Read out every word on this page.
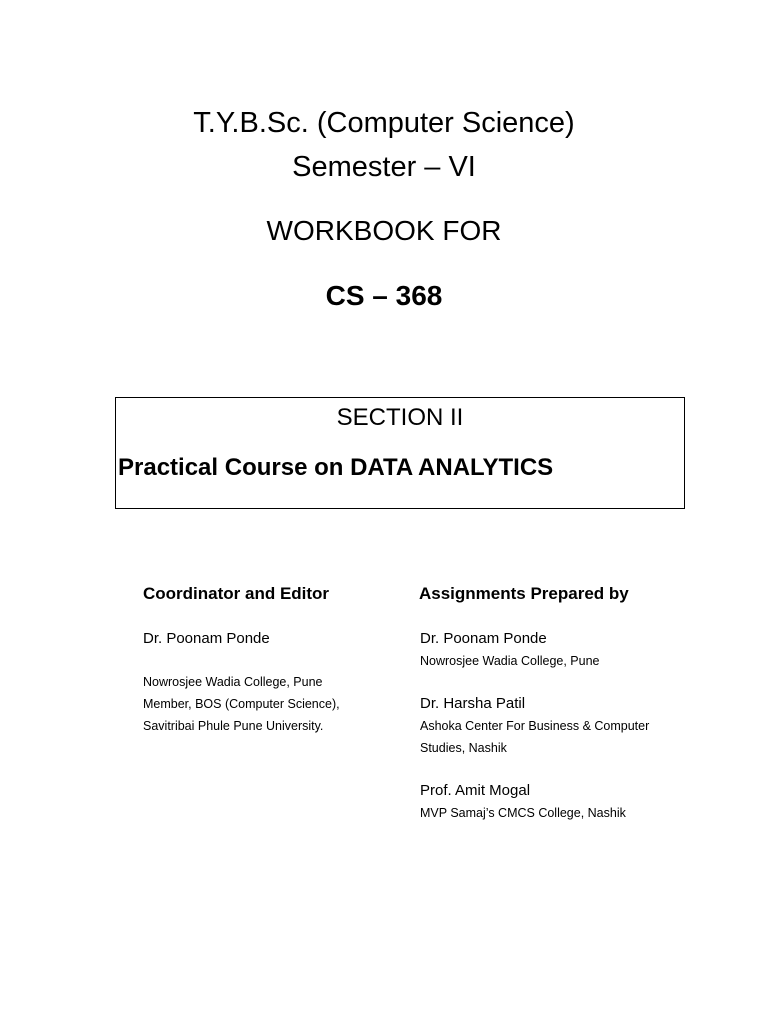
T.Y.B.Sc. (Computer Science)
Semester – VI
WORKBOOK FOR
CS – 368
SECTION II
Practical Course on DATA ANALYTICS
Coordinator and Editor
Dr. Poonam Ponde
Nowrosjee Wadia College, Pune
Member, BOS (Computer Science),
Savitribai Phule Pune University.
Assignments Prepared by
Dr. Poonam Ponde
Nowrosjee Wadia College, Pune
Dr. Harsha Patil
Ashoka Center For Business & Computer
Studies, Nashik
Prof. Amit Mogal
MVP Samaj’s CMCS College, Nashik
